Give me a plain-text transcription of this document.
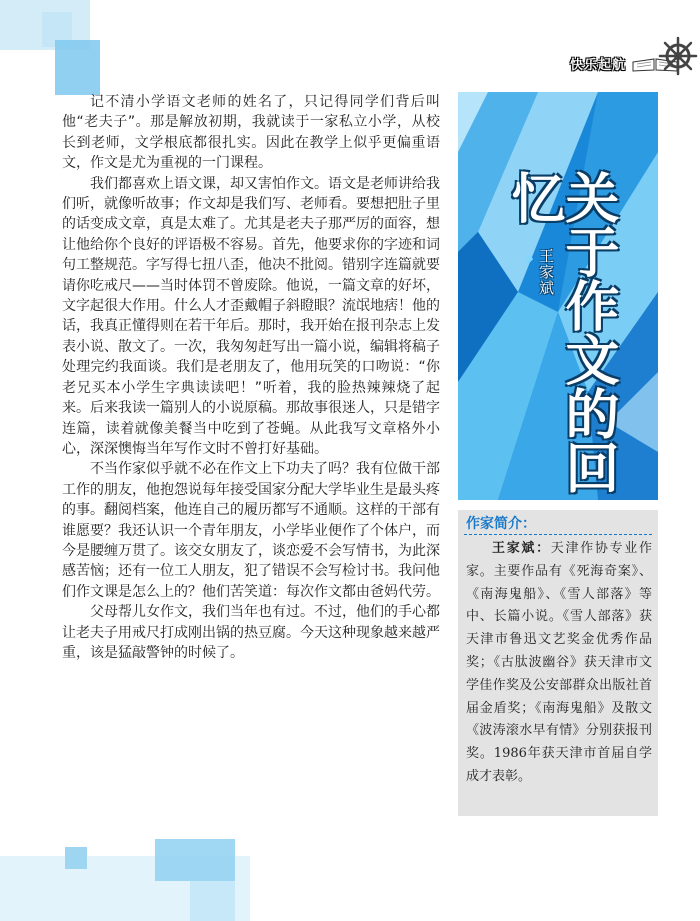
快乐起航

记不清小学语文老师的姓名了，只记得同学们背后叫他“老夫子”。那是解放初期，我就读于一家私立小学，从校长到老师，文学根底都很扎实。因此在教学上似乎更偏重语文，作文是尤为重视的一门课程。

我们都喜欢上语文课，却又害怕作文。语文是老师讲给我们听，就像听故事；作文却是我们写、老师看。要想把肚子里的话变成文章，真是太难了。尤其是老夫子那严厉的面容，想让他给你个良好的评语极不容易。首先，他要求你的字迹和词句工整规范。字写得七扭八歪，他决不批阅。错别字连篇就要请你吃戒尺——当时体罚不曾废除。他说，一篇文章的好坏，文字起很大作用。什么人才歪戴帽子斜瞪眼？流氓地痞！他的话，我真正懂得则在若干年后。那时，我开始在报刊杂志上发表小说、散文了。一次，我匆匆赶写出一篇小说，编辑将稿子处理完约我面谈。我们是老朋友了，他用玩笑的口吻说：“你老兄买本小学生字典读读吧！”听着，我的脸热辣辣烧了起来。后来我读一篇别人的小说原稿。那故事很迷人，只是错字连篇，读着就像美餐当中吃到了苍蝇。从此我写文章格外小心，深深懊悔当年写作文时不曾打好基础。

不当作家似乎就不必在作文上下功夫了吗？我有位做干部工作的朋友，他抱怨说每年接受国家分配大学毕业生是最头疼的事。翻阅档案，他连自己的履历都写不通顺。这样的干部有谁愿要？我还认识一个青年朋友，小学毕业便作了个体户，而今是腰缠万贯了。该交女朋友了，谈恋爱不会写情书，为此深感苦恼；还有一位工人朋友，犯了错误不会写检讨书。我问他们作文课是怎么上的？他们苦笑道：每次作文都由爸妈代劳。

父母帮儿女作文，我们当年也有过。不过，他们的手心都让老夫子用戒尺打成刚出锅的热豆腐。今天这种现象越来越严重，该是猛敲警钟的时候了。

关于作文的回忆
王家斌
作家简介：

王家斌：天津作协专业作家。主要作品有《死海奇案》、《南海鬼船》、《雪人部落》等中、长篇小说。《雪人部落》获天津市鲁迅文艺奖金优秀作品奖；《古肽波幽谷》获天津市文学佳作奖及公安部群众出版社首届金盾奖；《南海鬼船》及散文《波涛滚水早有情》分别获报刊奖。1986年获天津市首届自学成才表彰。
